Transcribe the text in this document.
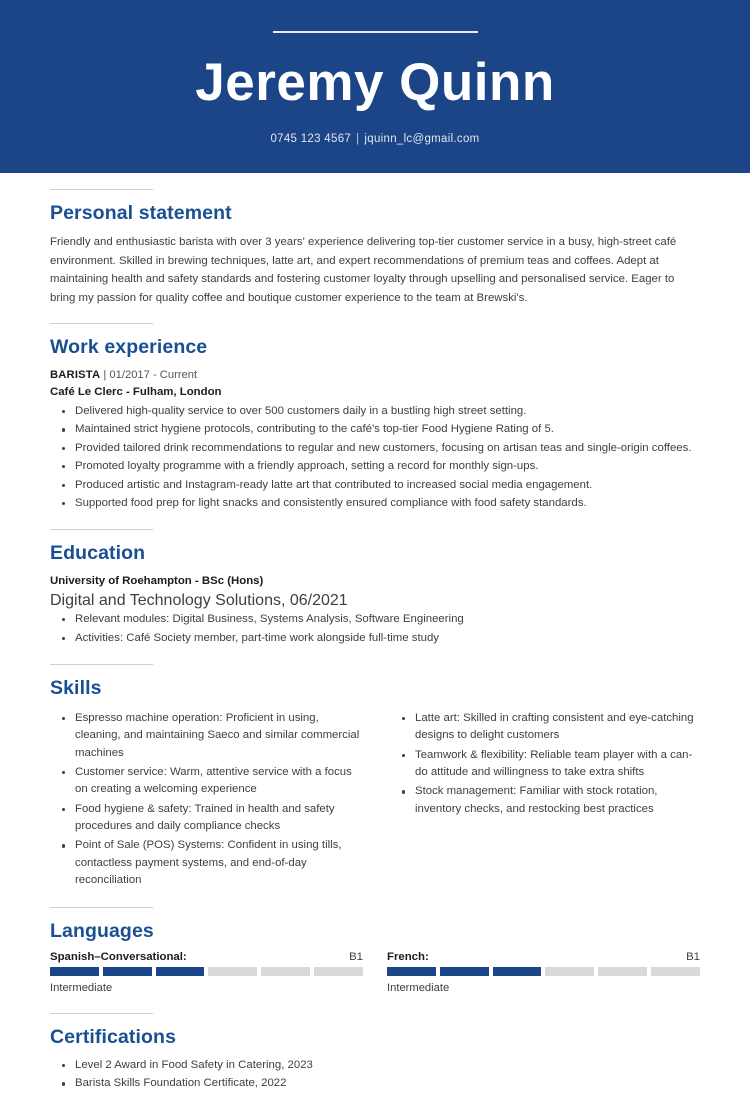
Jeremy Quinn
0745 123 4567 | jquinn_lc@gmail.com
Personal statement

Friendly and enthusiastic barista with over 3 years' experience delivering top-tier customer service in a busy, high-street café environment. Skilled in brewing techniques, latte art, and expert recommendations of premium teas and coffees. Adept at maintaining health and safety standards and fostering customer loyalty through upselling and personalised service. Eager to bring my passion for quality coffee and boutique customer experience to the team at Brewski's.

Work experience
BARISTA | 01/2017 - Current
Café Le Clerc - Fulham, London
Delivered high-quality service to over 500 customers daily in a bustling high street setting.
Maintained strict hygiene protocols, contributing to the café's top-tier Food Hygiene Rating of 5.
Provided tailored drink recommendations to regular and new customers, focusing on artisan teas and single-origin coffees.
Promoted loyalty programme with a friendly approach, setting a record for monthly sign-ups.
Produced artistic and Instagram-ready latte art that contributed to increased social media engagement.
Supported food prep for light snacks and consistently ensured compliance with food safety standards.
Education
University of Roehampton - BSc (Hons)
Digital and Technology Solutions, 06/2021
Relevant modules: Digital Business, Systems Analysis, Software Engineering
Activities: Café Society member, part-time work alongside full-time study
Skills
Espresso machine operation: Proficient in using, cleaning, and maintaining Saeco and similar commercial machines
Customer service: Warm, attentive service with a focus on creating a welcoming experience
Food hygiene & safety: Trained in health and safety procedures and daily compliance checks
Point of Sale (POS) Systems: Confident in using tills, contactless payment systems, and end-of-day reconciliation
Latte art: Skilled in crafting consistent and eye-catching designs to delight customers
Teamwork & flexibility: Reliable team player with a can-do attitude and willingness to take extra shifts
Stock management: Familiar with stock rotation, inventory checks, and restocking best practices
Languages
Spanish–Conversational:	B1
Intermediate
French:	B1
Intermediate
Certifications
Level 2 Award in Food Safety in Catering, 2023
Barista Skills Foundation Certificate, 2022
